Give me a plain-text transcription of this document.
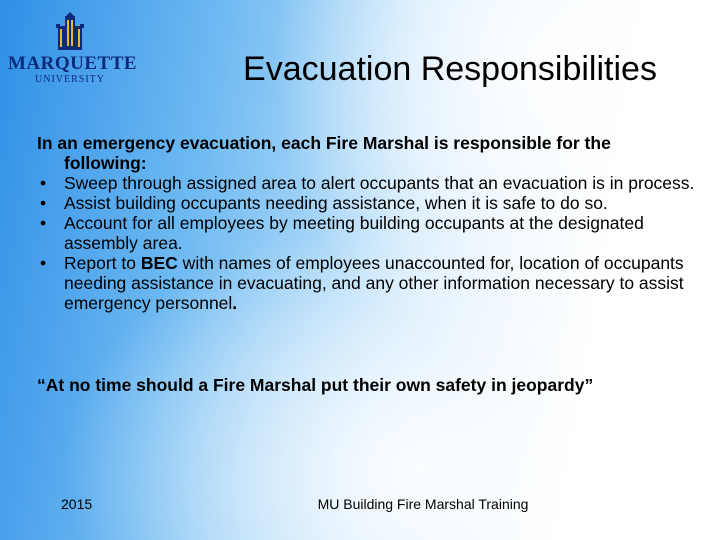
MARQUETTE
UNIVERSITY	Evacuation Responsibilities

In an emergency evacuation, each Fire Marshal is responsible for the following:

• Sweep through assigned area to alert occupants that an evacuation is in process.
• Assist building occupants needing assistance, when it is safe to do so.
• Account for all employees by meeting building occupants at the designated assembly area.
• Report to BEC with names of employees unaccounted for, location of occupants needing assistance in evacuating, and any other information necessary to assist emergency personnel.

“At no time should a Fire Marshal put their own safety in jeopardy”

2015	MU Building Fire Marshal Training
